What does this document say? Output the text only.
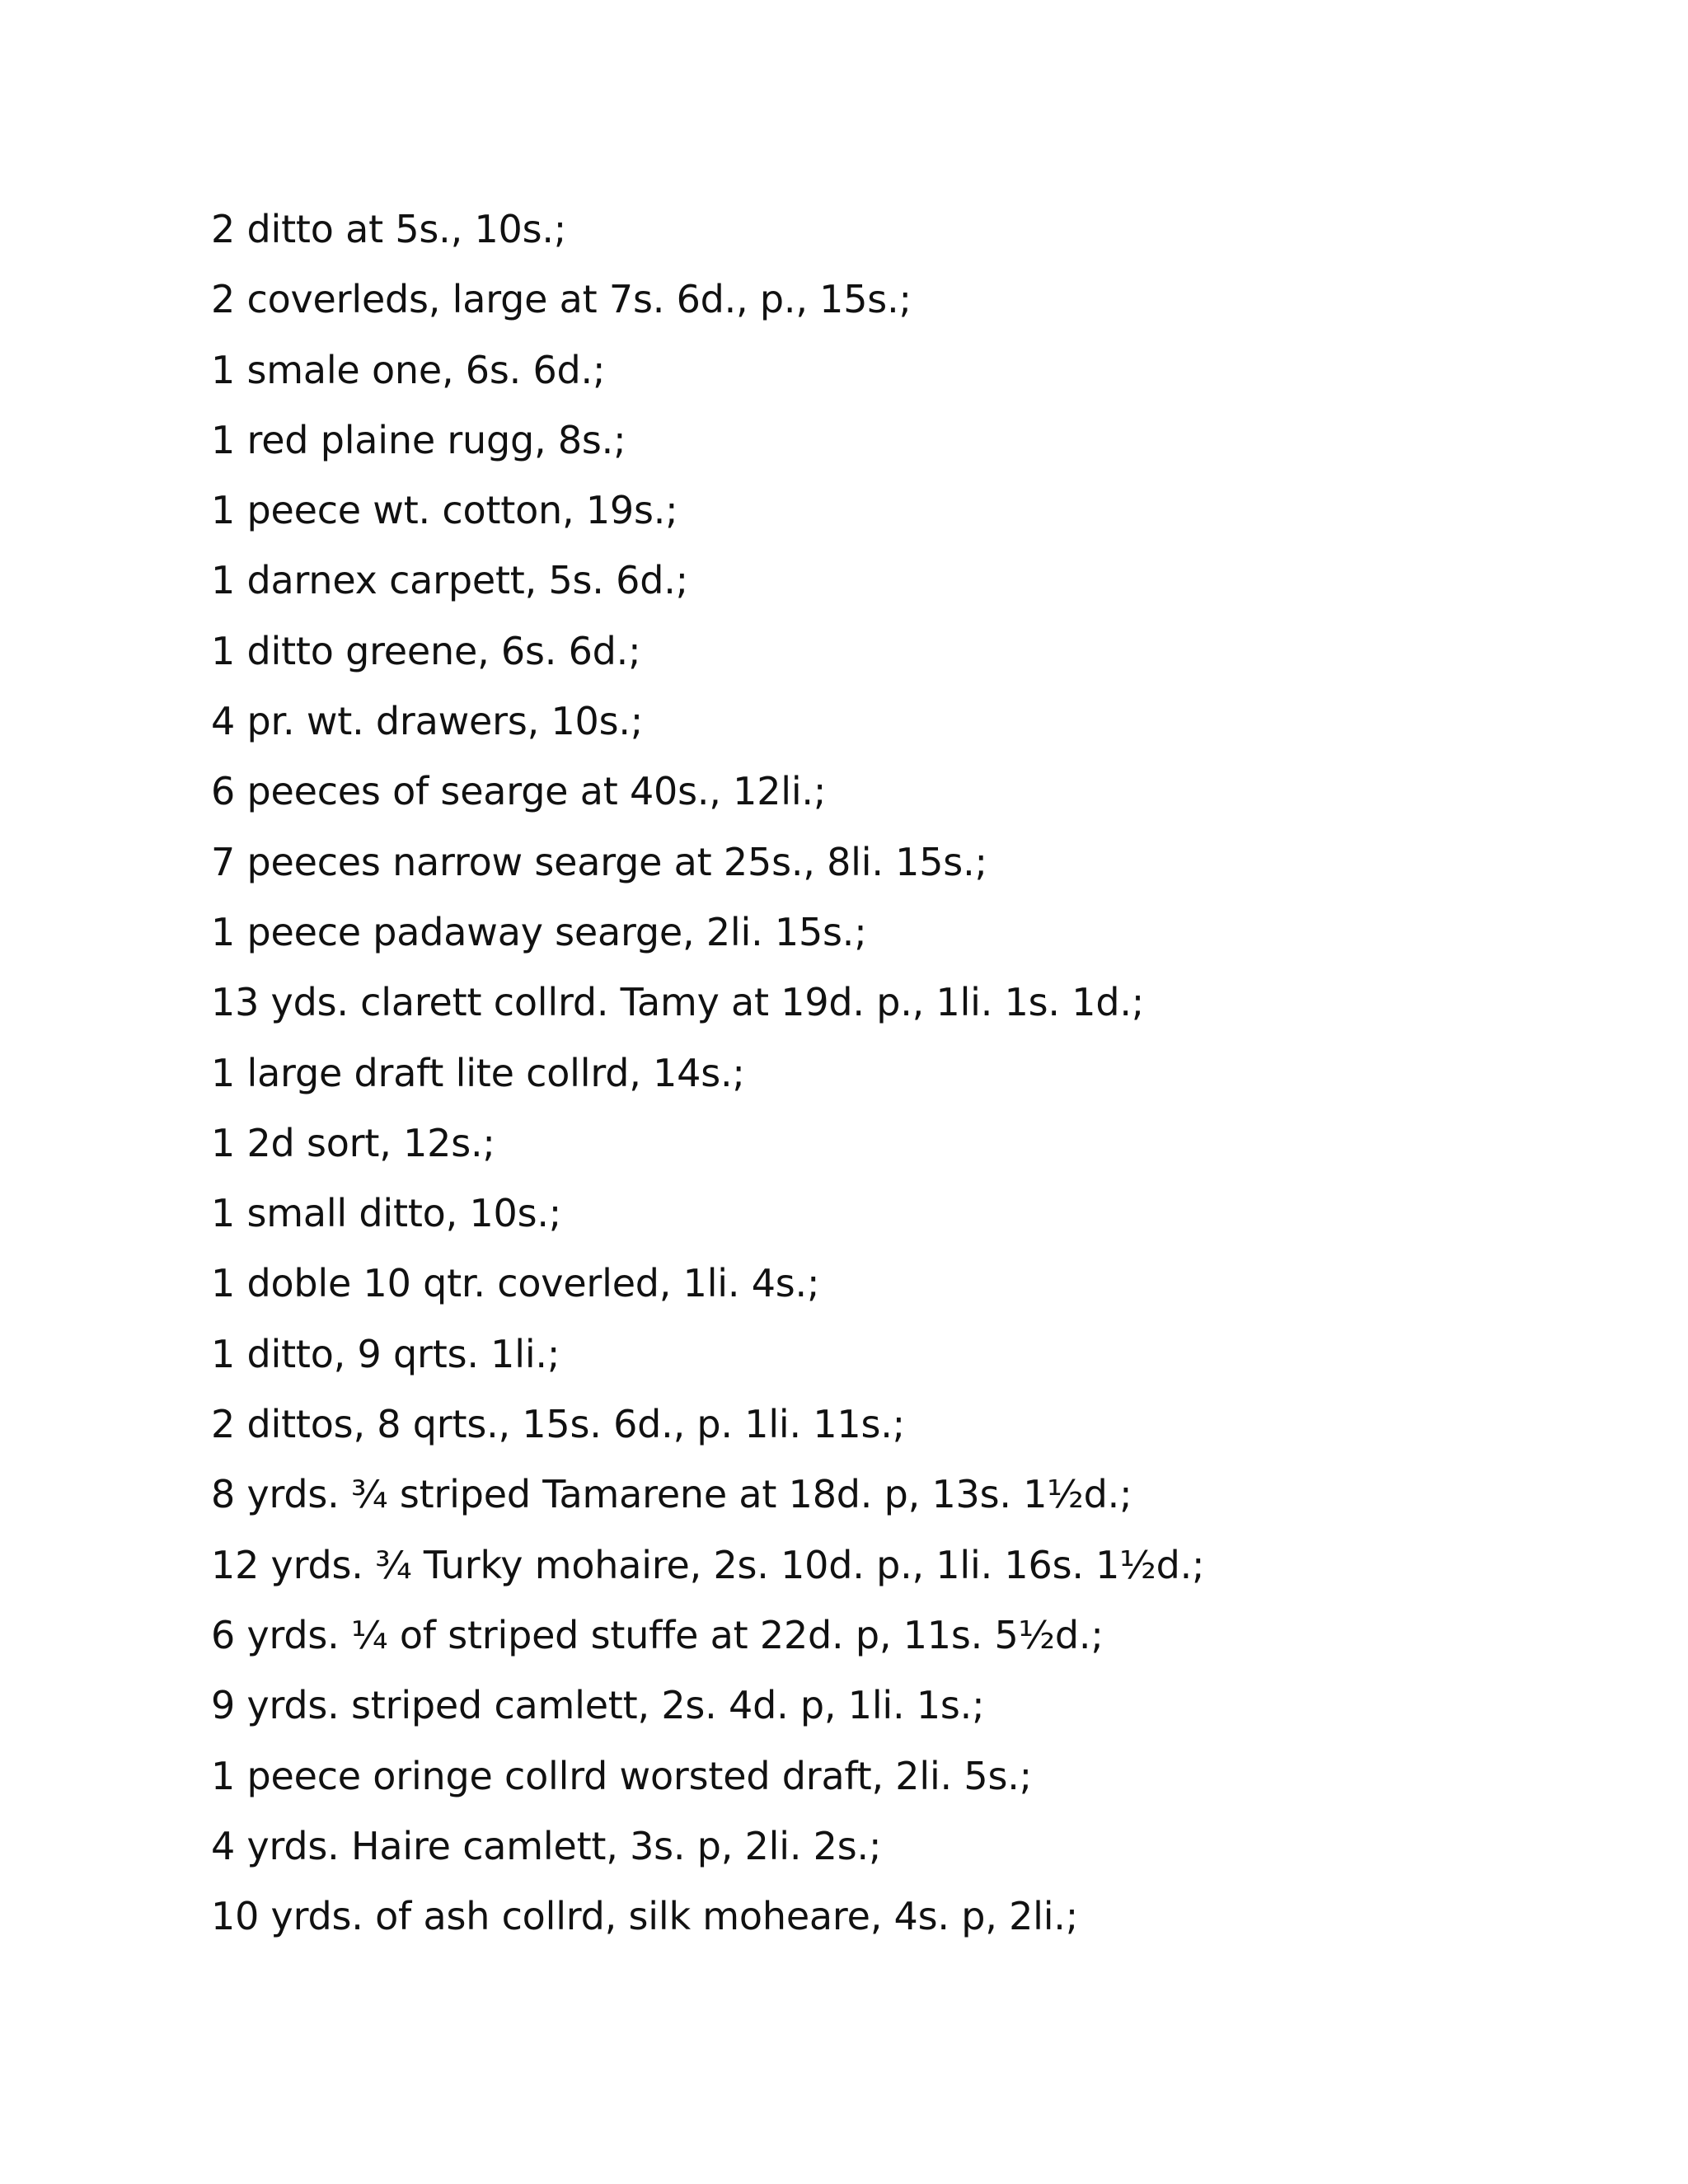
2 ditto at 5s., 10s.;
2 coverleds, large at 7s. 6d., p., 15s.;
1 smale one, 6s. 6d.;
1 red plaine rugg, 8s.;
1 peece wt. cotton, 19s.;
1 darnex carpett, 5s. 6d.;
1 ditto greene, 6s. 6d.;
4 pr. wt. drawers, 10s.;
6 peeces of searge at 40s., 12li.;
7 peeces narrow searge at 25s., 8li. 15s.;
1 peece padaway searge, 2li. 15s.;
13 yds. clarett collrd. Tamy at 19d. p., 1li. 1s. 1d.;
1 large draft lite collrd, 14s.;
1 2d sort, 12s.;
1 small ditto, 10s.;
1 doble 10 qtr. coverled, 1li. 4s.;
1 ditto, 9 qrts. 1li.;
2 dittos, 8 qrts., 15s. 6d., p. 1li. 11s.;
8 yrds. ¾ striped Tamarene at 18d. p, 13s. 1½d.;
12 yrds. ¾ Turky mohaire, 2s. 10d. p., 1li. 16s. 1½d.;
6 yrds. ¼ of striped stuffe at 22d. p, 11s. 5½d.;
9 yrds. striped camlett, 2s. 4d. p, 1li. 1s.;
1 peece oringe collrd worsted draft, 2li. 5s.;
4 yrds. Haire camlett, 3s. p, 2li. 2s.;
10 yrds. of ash collrd, silk moheare, 4s. p, 2li.;
